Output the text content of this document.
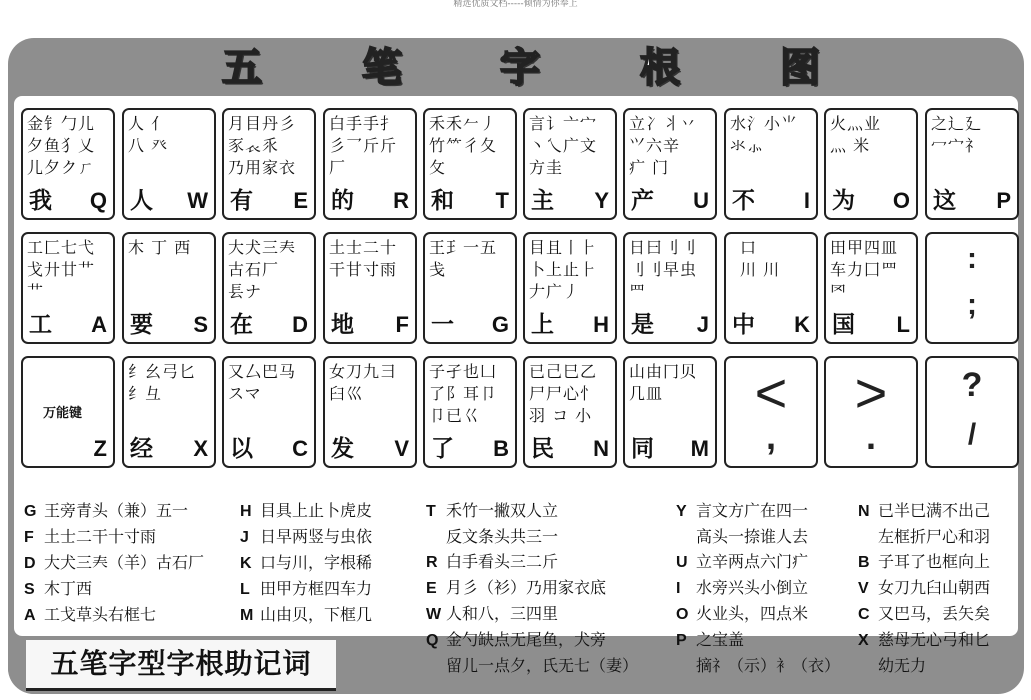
精选优质文档-----倾情为你奉上
五	笔 字	根	图
金钅勹儿
夕鱼犭乂
儿夕クㄏ
我 Q
人 亻
八 癶
人 W
月目丹彡
豕𧘇乑
乃用家衣
有 E
白手手扌
彡乛斤斤
厂
的 R
禾禾𠂉丿
竹⺮彳夂
攵
和 T
言讠亠宀
丶乀广文
方圭
主 Y
立冫丬丷
⺍六辛
疒 门
产 U
水氵小⺌
氺⺗

不 I
火灬业
灬 米

为 O
之辶廴
冖宀礻

这 P
工匚七弋
戈廾廿艹
艹
工 A
木 丁 西
要 S
大犬三𡗗
古石厂
镸ナ
在 D
土士二十
干甘寸雨
地 F
王𤣩一五
戋
一 G
目且丨⺊
卜上止⺊
𠂇广丿
上 H
日曰刂刂
刂刂早虫
罒
是 J
口
川 川
中 K
田甲四皿
车力囗罒
罓
国 L
:
;
万能键
Z
纟幺弓匕
纟彑
经 X
又厶巴马
スマ
以 C
女刀九彐
臼巛
发 V
子孑也凵
了阝耳卩
卩已巜
了 B
已己巳乙
尸尸心忄
羽 コ 小
民 N
山由冂贝
几皿
同 M
<
,
>
.
?
/
G 王旁青头（兼）五一
F 土士二干十寸雨
D 大犬三𡗗（羊）古石厂
S 木丁西
A 工戈草头右框七
H 目具上止卜虎皮
J 日早两竖与虫依
K 口与川，字根稀
L 田甲方框四车力
M 山由贝，下框几
T 禾竹一撇双人立
反文条头共三一
R 白手看头三二斤
E 月彡（衫）乃用家衣底
W 人和八，三四里
Q 金勺缺点无尾鱼，犬旁
留儿一点夕，氏无七（妻）
Y 言文方广在四一
高头一捺谁人去
U 立辛两点六门疒
I 水旁兴头小倒立
O 火业头，四点米
P 之宝盖
摘礻（示）衤（衣）
N 已半巳满不出己
左框折尸心和羽
B 子耳了也框向上
V 女刀九臼山朝西
C 又巴马，丢矢矣
X 慈母无心弓和匕
幼无力
五笔字型字根助记词
